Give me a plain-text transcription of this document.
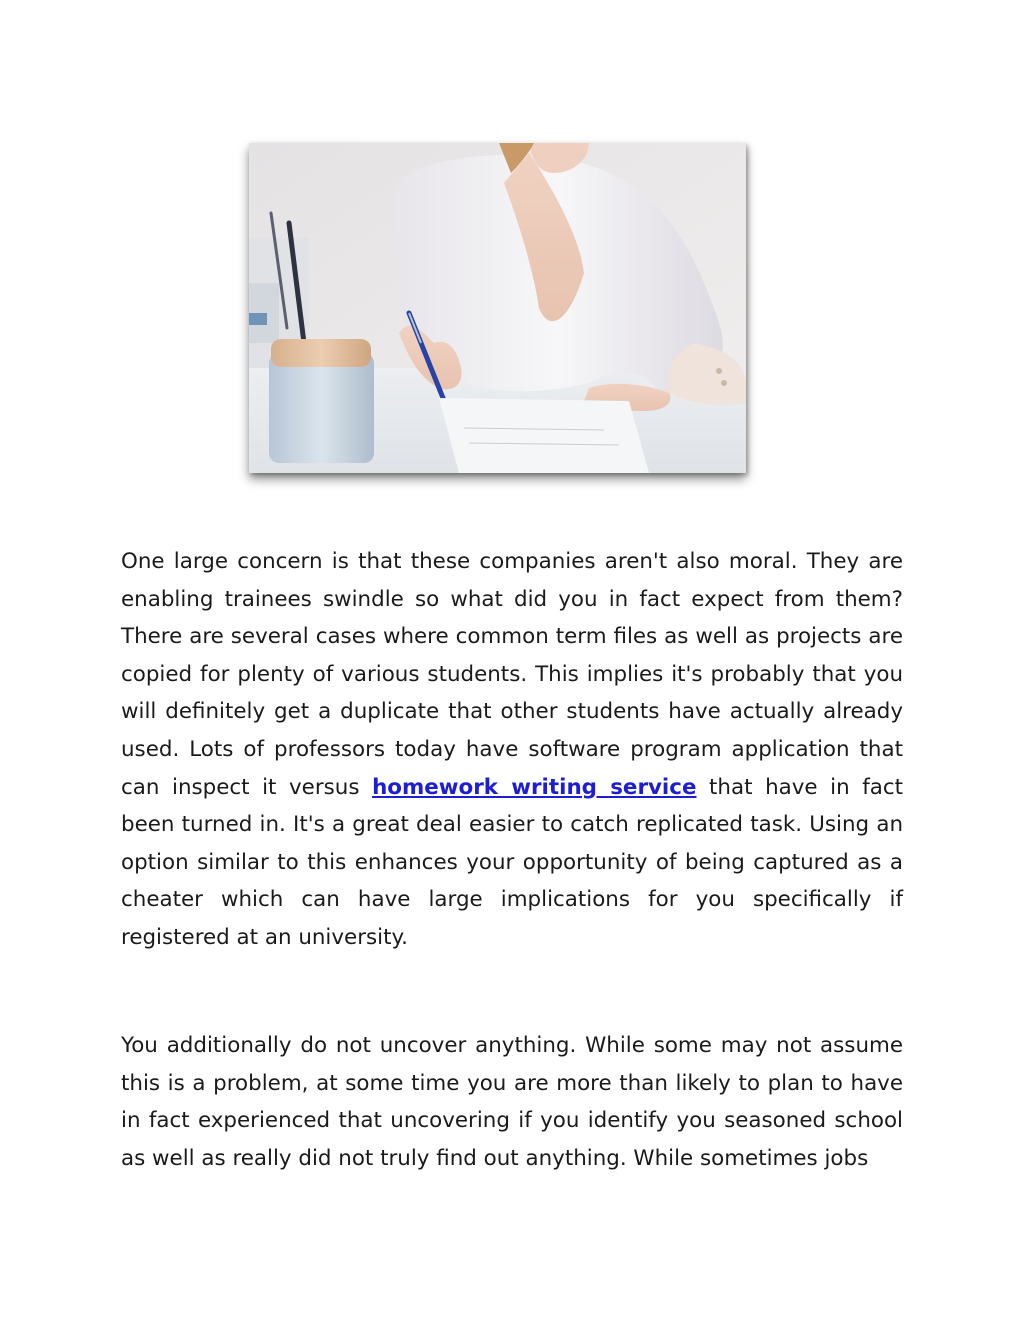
One large concern is that these companies aren't also moral. They are enabling trainees swindle so what did you in fact expect from them? There are several cases where common term files as well as projects are copied for plenty of various students. This implies it's probably that you will definitely get a duplicate that other students have actually already used. Lots of professors today have software program application that can inspect it versus homework writing service that have in fact been turned in. It's a great deal easier to catch replicated task. Using an option similar to this enhances your opportunity of being captured as a cheater which can have large implications for you specifically if registered at an university.

You additionally do not uncover anything. While some may not assume this is a problem, at some time you are more than likely to plan to have in fact experienced that uncovering if you identify you seasoned school as well as really did not truly find out anything. While sometimes jobs
